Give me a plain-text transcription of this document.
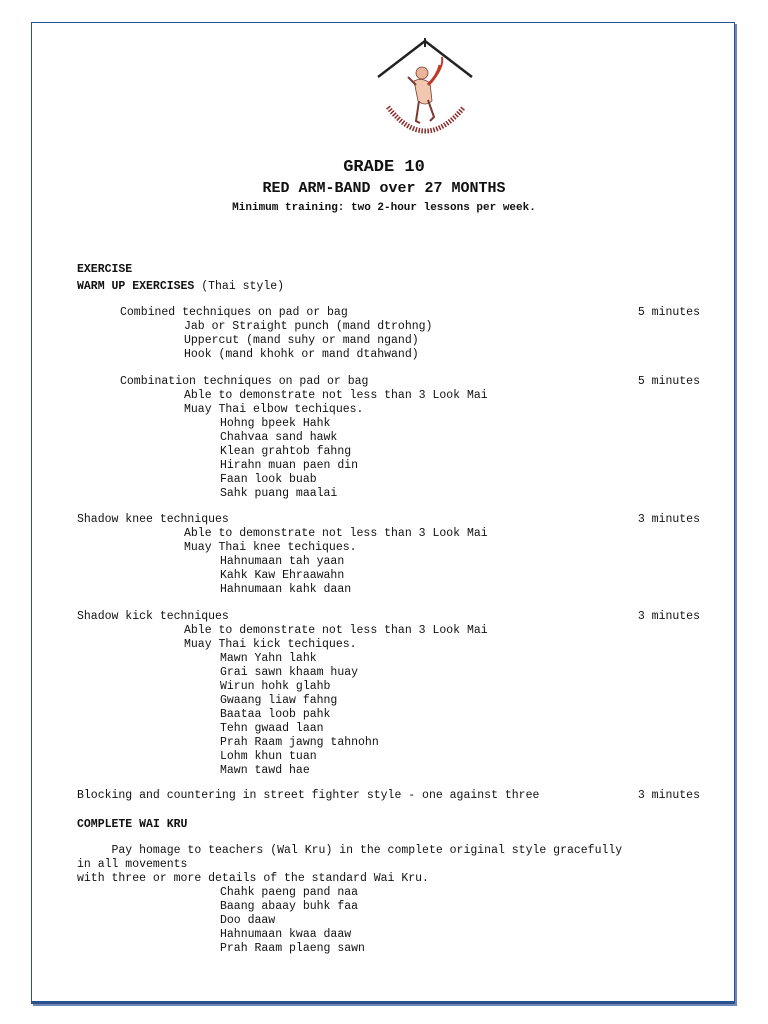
GRADE 10
RED ARM-BAND over 27 MONTHS
Minimum training: two 2-hour lessons per week.
EXERCISE
WARM UP EXERCISES (Thai style)
Combined techniques on pad or bag	5 minutes
Jab or Straight punch (mand dtrohng)
Uppercut (mand suhy or mand ngand)
Hook (mand khohk or mand dtahwand)
Combination techniques on pad or bag	5 minutes
Able to demonstrate not less than 3 Look Mai
Muay Thai elbow techiques.
Hohng bpeek Hahk
Chahvaa sand hawk
Klean grahtob fahng
Hirahn muan paen din
Faan look buab
Sahk puang maalai
Shadow knee techniques	3 minutes
Able to demonstrate not less than 3 Look Mai
Muay Thai knee techiques.
Hahnumaan tah yaan
Kahk Kaw Ehraawahn
Hahnumaan kahk daan
Shadow kick techniques	3 minutes
Able to demonstrate not less than 3 Look Mai
Muay Thai kick techiques.
Mawn Yahn lahk
Grai sawn khaam huay
Wirun hohk glahb
Gwaang liaw fahng
Baataa loob pahk
Tehn gwaad laan
Prah Raam jawng tahnohn
Lohm khun tuan
Mawn tawd hae
Blocking and countering in street fighter style - one against three	3 minutes
COMPLETE WAI KRU
Pay homage to teachers (Wal Kru) in the complete original style gracefully
in all movements
with three or more details of the standard Wai Kru.
Chahk paeng pand naa
Baang abaay buhk faa
Doo daaw
Hahnumaan kwaa daaw
Prah Raam plaeng sawn
